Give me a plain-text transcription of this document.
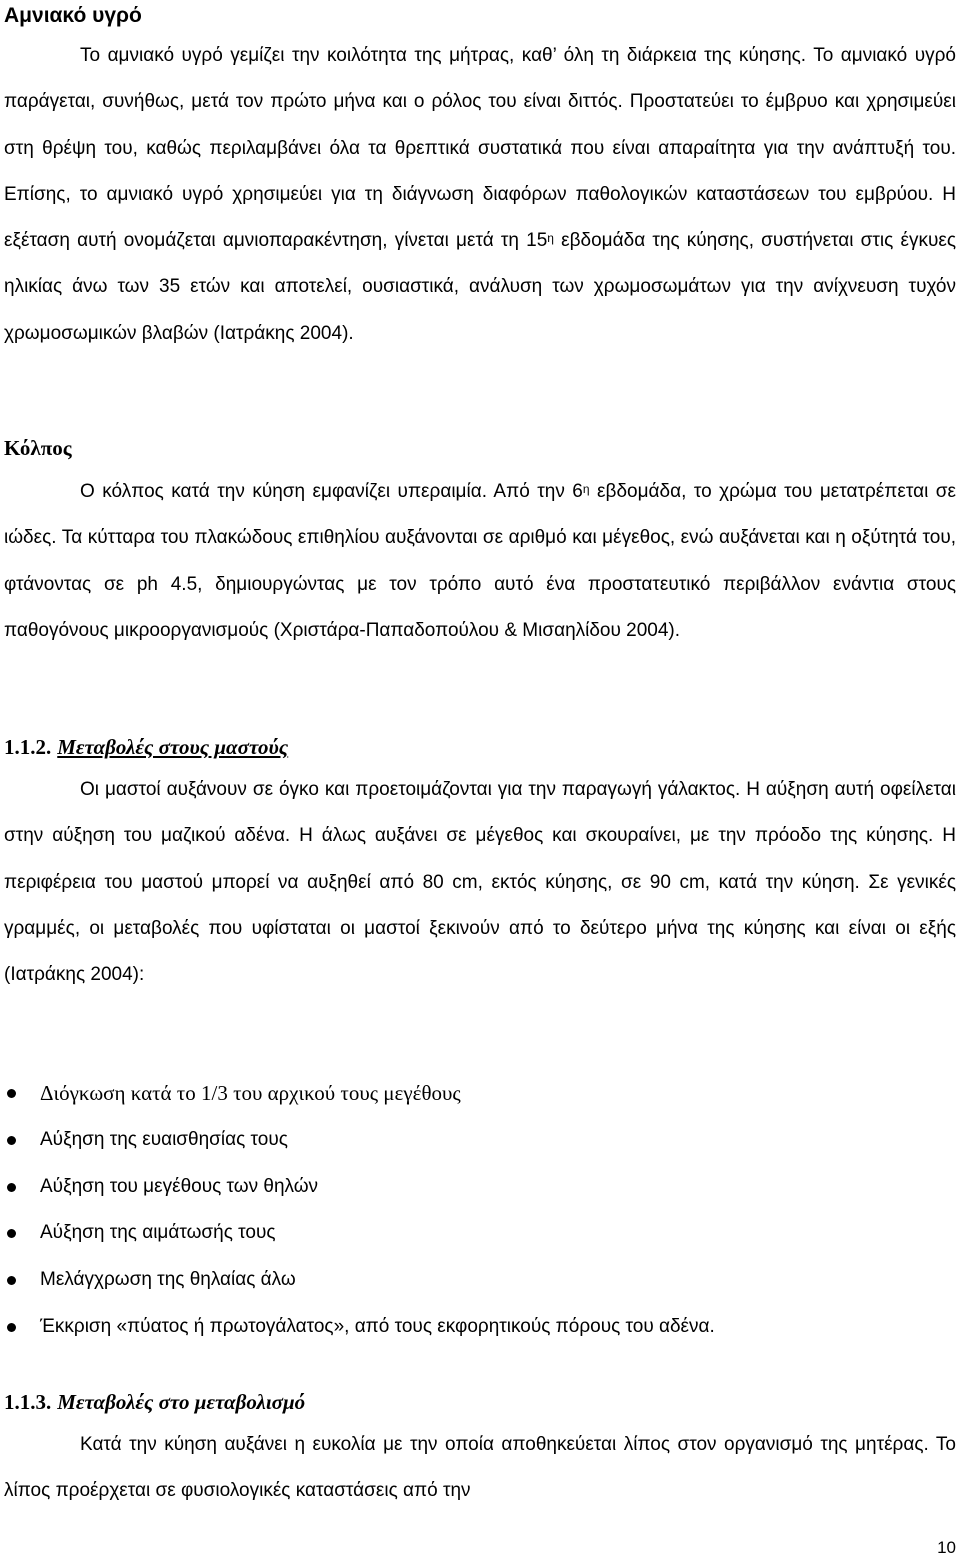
Αμνιακό υγρό
Το αμνιακό υγρό γεμίζει την κοιλότητα της μήτρας, καθ’ όλη τη διάρκεια της κύησης. Το αμνιακό υγρό παράγεται, συνήθως, μετά τον πρώτο μήνα και ο ρόλος του είναι διττός. Προστατεύει το έμβρυο και χρησιμεύει στη θρέψη του, καθώς περιλαμβάνει όλα τα θρεπτικά συστατικά που είναι απαραίτητα για την ανάπτυξή του. Επίσης, το αμνιακό υγρό χρησιμεύει για τη διάγνωση διαφόρων παθολογικών καταστάσεων του εμβρύου. Η εξέταση αυτή ονομάζεται αμνιοπαρακέντηση, γίνεται μετά τη $15^\eta$ εβδομάδα της κύησης, συστήνεται στις έγκυες ηλικίας άνω των 35 ετών και αποτελεί, ουσιαστικά, ανάλυση των χρωμοσωμάτων για την ανίχνευση τυχόν χρωμοσωμικών βλαβών (Ιατράκης 2004).
Κόλπος
Ο κόλπος κατά την κύηση εμφανίζει υπεραιμία. Από την $6^\eta$ εβδομάδα, το χρώμα του μετατρέπεται σε ιώδες. Τα κύτταρα του πλακώδους επιθηλίου αυξάνονται σε αριθμό και μέγεθος, ενώ αυξάνεται και η οξύτητά του, φτάνοντας σε ph 4.5, δημιουργώντας με τον τρόπο αυτό ένα προστατευτικό περιβάλλον ενάντια στους παθογόνους μικροοργανισμούς (Χριστάρα-Παπαδοπούλου & Μισαηλίδου 2004).
1.1.2. Μεταβολές στους μαστούς
Οι μαστοί αυξάνουν σε όγκο και προετοιμάζονται για την παραγωγή γάλακτος. Η αύξηση αυτή οφείλεται στην αύξηση του μαζικού αδένα. Η άλως αυξάνει σε μέγεθος και σκουραίνει, με την πρόοδο της κύησης. Η περιφέρεια του μαστού μπορεί να αυξηθεί από 80 cm, εκτός κύησης, σε 90 cm, κατά την κύηση. Σε γενικές γραμμές, οι μεταβολές που υφίσταται οι μαστοί ξεκινούν από το δεύτερο μήνα της κύησης και είναι οι εξής (Ιατράκης 2004):
Διόγκωση κατά το 1/3 του αρχικού τους μεγέθους
Αύξηση της ευαισθησίας τους
Αύξηση του μεγέθους των θηλών
Αύξηση της αιμάτωσής τους
Μελάγχρωση της θηλαίας άλω
Έκκριση «πύατος ή πρωτογάλατος», από τους εκφορητικούς πόρους του αδένα.
1.1.3. Μεταβολές στο μεταβολισμό
Κατά την κύηση αυξάνει η ευκολία με την οποία αποθηκεύεται λίπος στον οργανισμό της μητέρας. Το λίπος προέρχεται σε φυσιολογικές καταστάσεις από την
10
